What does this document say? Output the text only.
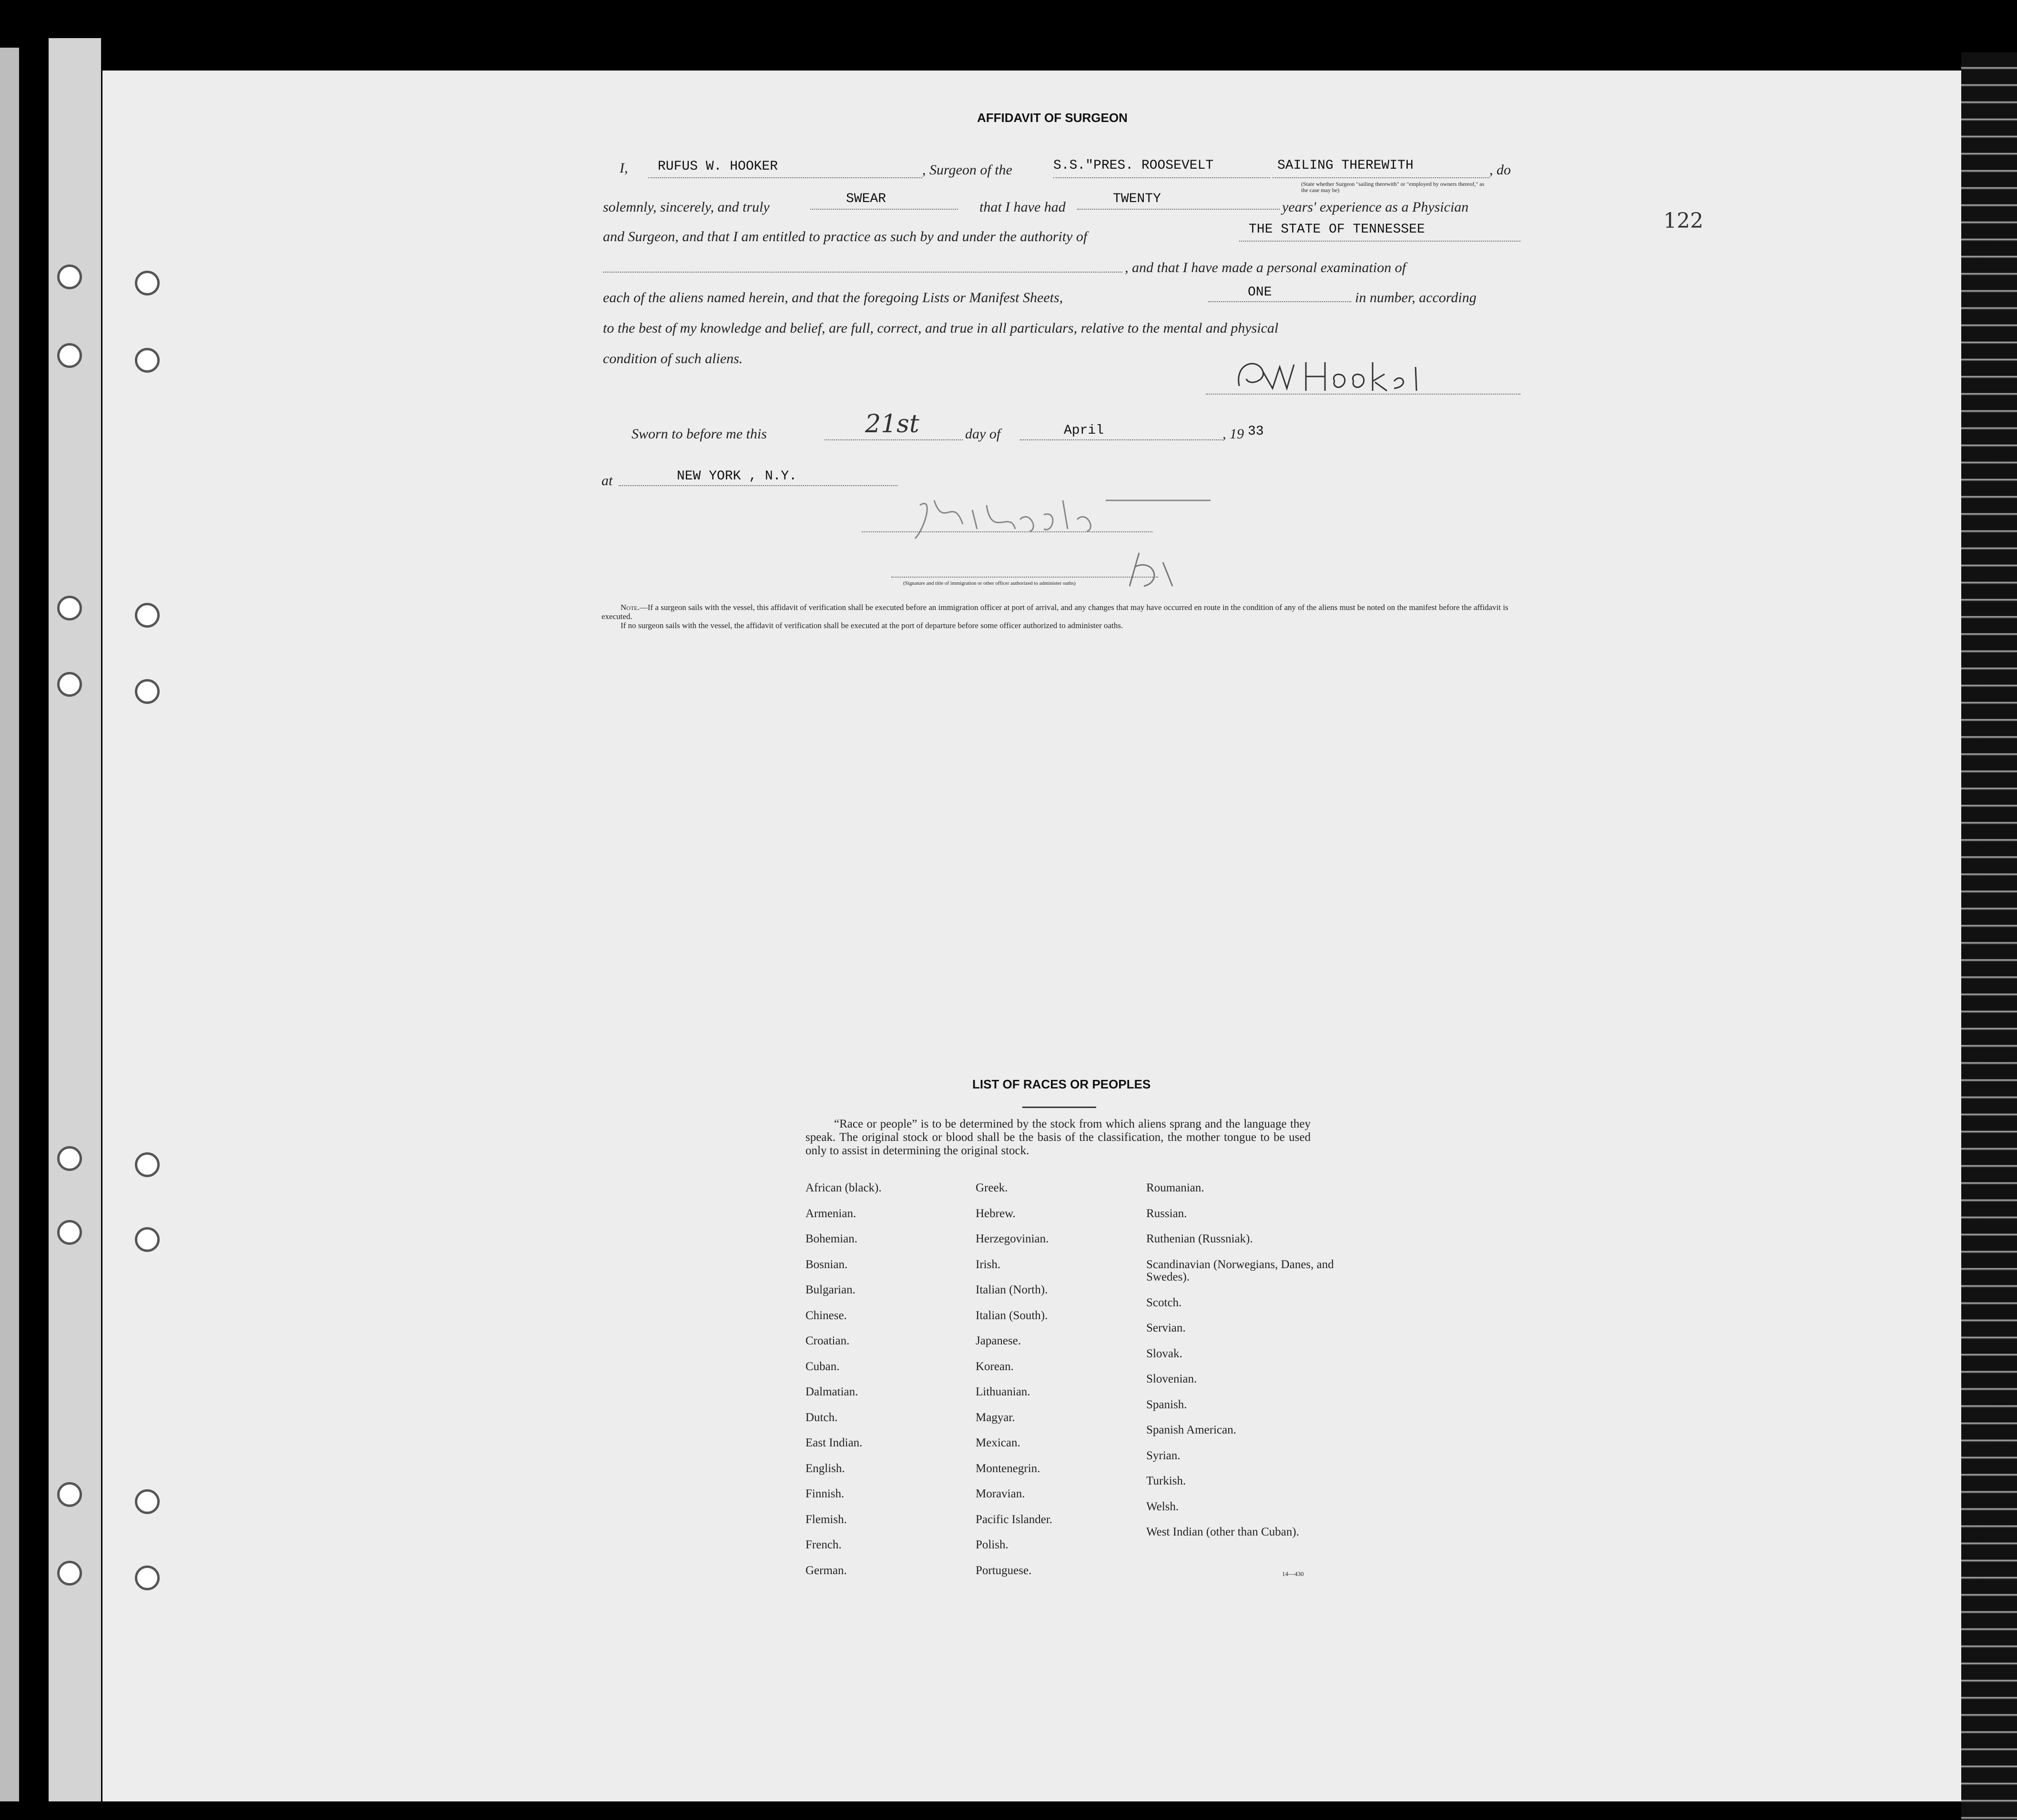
122
AFFIDAVIT OF SURGEON
I, RUFUS W. HOOKER	, Surgeon of the	S.S."PRES. ROOSEVELT	SAILING THEREWITH	, do
(State whether Surgeon "sailing therewith" or "employed by owners thereof," as the case may be)
solemnly, sincerely, and truly
SWEAR
that I have had
TWENTY
years' experience as a Physician
and Surgeon, and that I am entitled to practice as such by and under the authority of	THE STATE OF TENNESSEE
, and that I have made a personal examination of
each of the aliens named herein, and that the foregoing Lists or Manifest Sheets,	ONE	in number, according
to the best of my knowledge and belief, are full, correct, and true in all particulars, relative to the mental and physical
condition of such aliens.
Sworn to before me this	21st	day of	April	, 19 33
at	NEW YORK , N.Y.
(Signature and title of immigration or other officer authorized to administer oaths)
Note.—If a surgeon sails with the vessel, this affidavit of verification shall be executed before an immigration officer at port of arrival, and any changes that may have occurred en route in the condition of any of the aliens must be noted on the manifest before the affidavit is executed.
If no surgeon sails with the vessel, the affidavit of verification shall be executed at the port of departure before some officer authorized to administer oaths.
LIST OF RACES OR PEOPLES
“Race or people” is to be determined by the stock from which aliens sprang and the language they speak. The original stock or blood shall be the basis of the classification, the mother tongue to be used only to assist in determining the original stock.
African (black).
Armenian.
Bohemian.
Bosnian.
Bulgarian.
Chinese.
Croatian.
Cuban.
Dalmatian.
Dutch.
East Indian.
English.
Finnish.
Flemish.
French.
German.
Greek.
Hebrew.
Herzegovinian.
Irish.
Italian (North).
Italian (South).
Japanese.
Korean.
Lithuanian.
Magyar.
Mexican.
Montenegrin.
Moravian.
Pacific Islander.
Polish.
Portuguese.
Roumanian.
Russian.
Ruthenian (Russniak).
Scandinavian (Norwegians, Danes, and Swedes).
Scotch.
Servian.
Slovak.
Slovenian.
Spanish.
Spanish American.
Syrian.
Turkish.
Welsh.
West Indian (other than Cuban).
14—430
